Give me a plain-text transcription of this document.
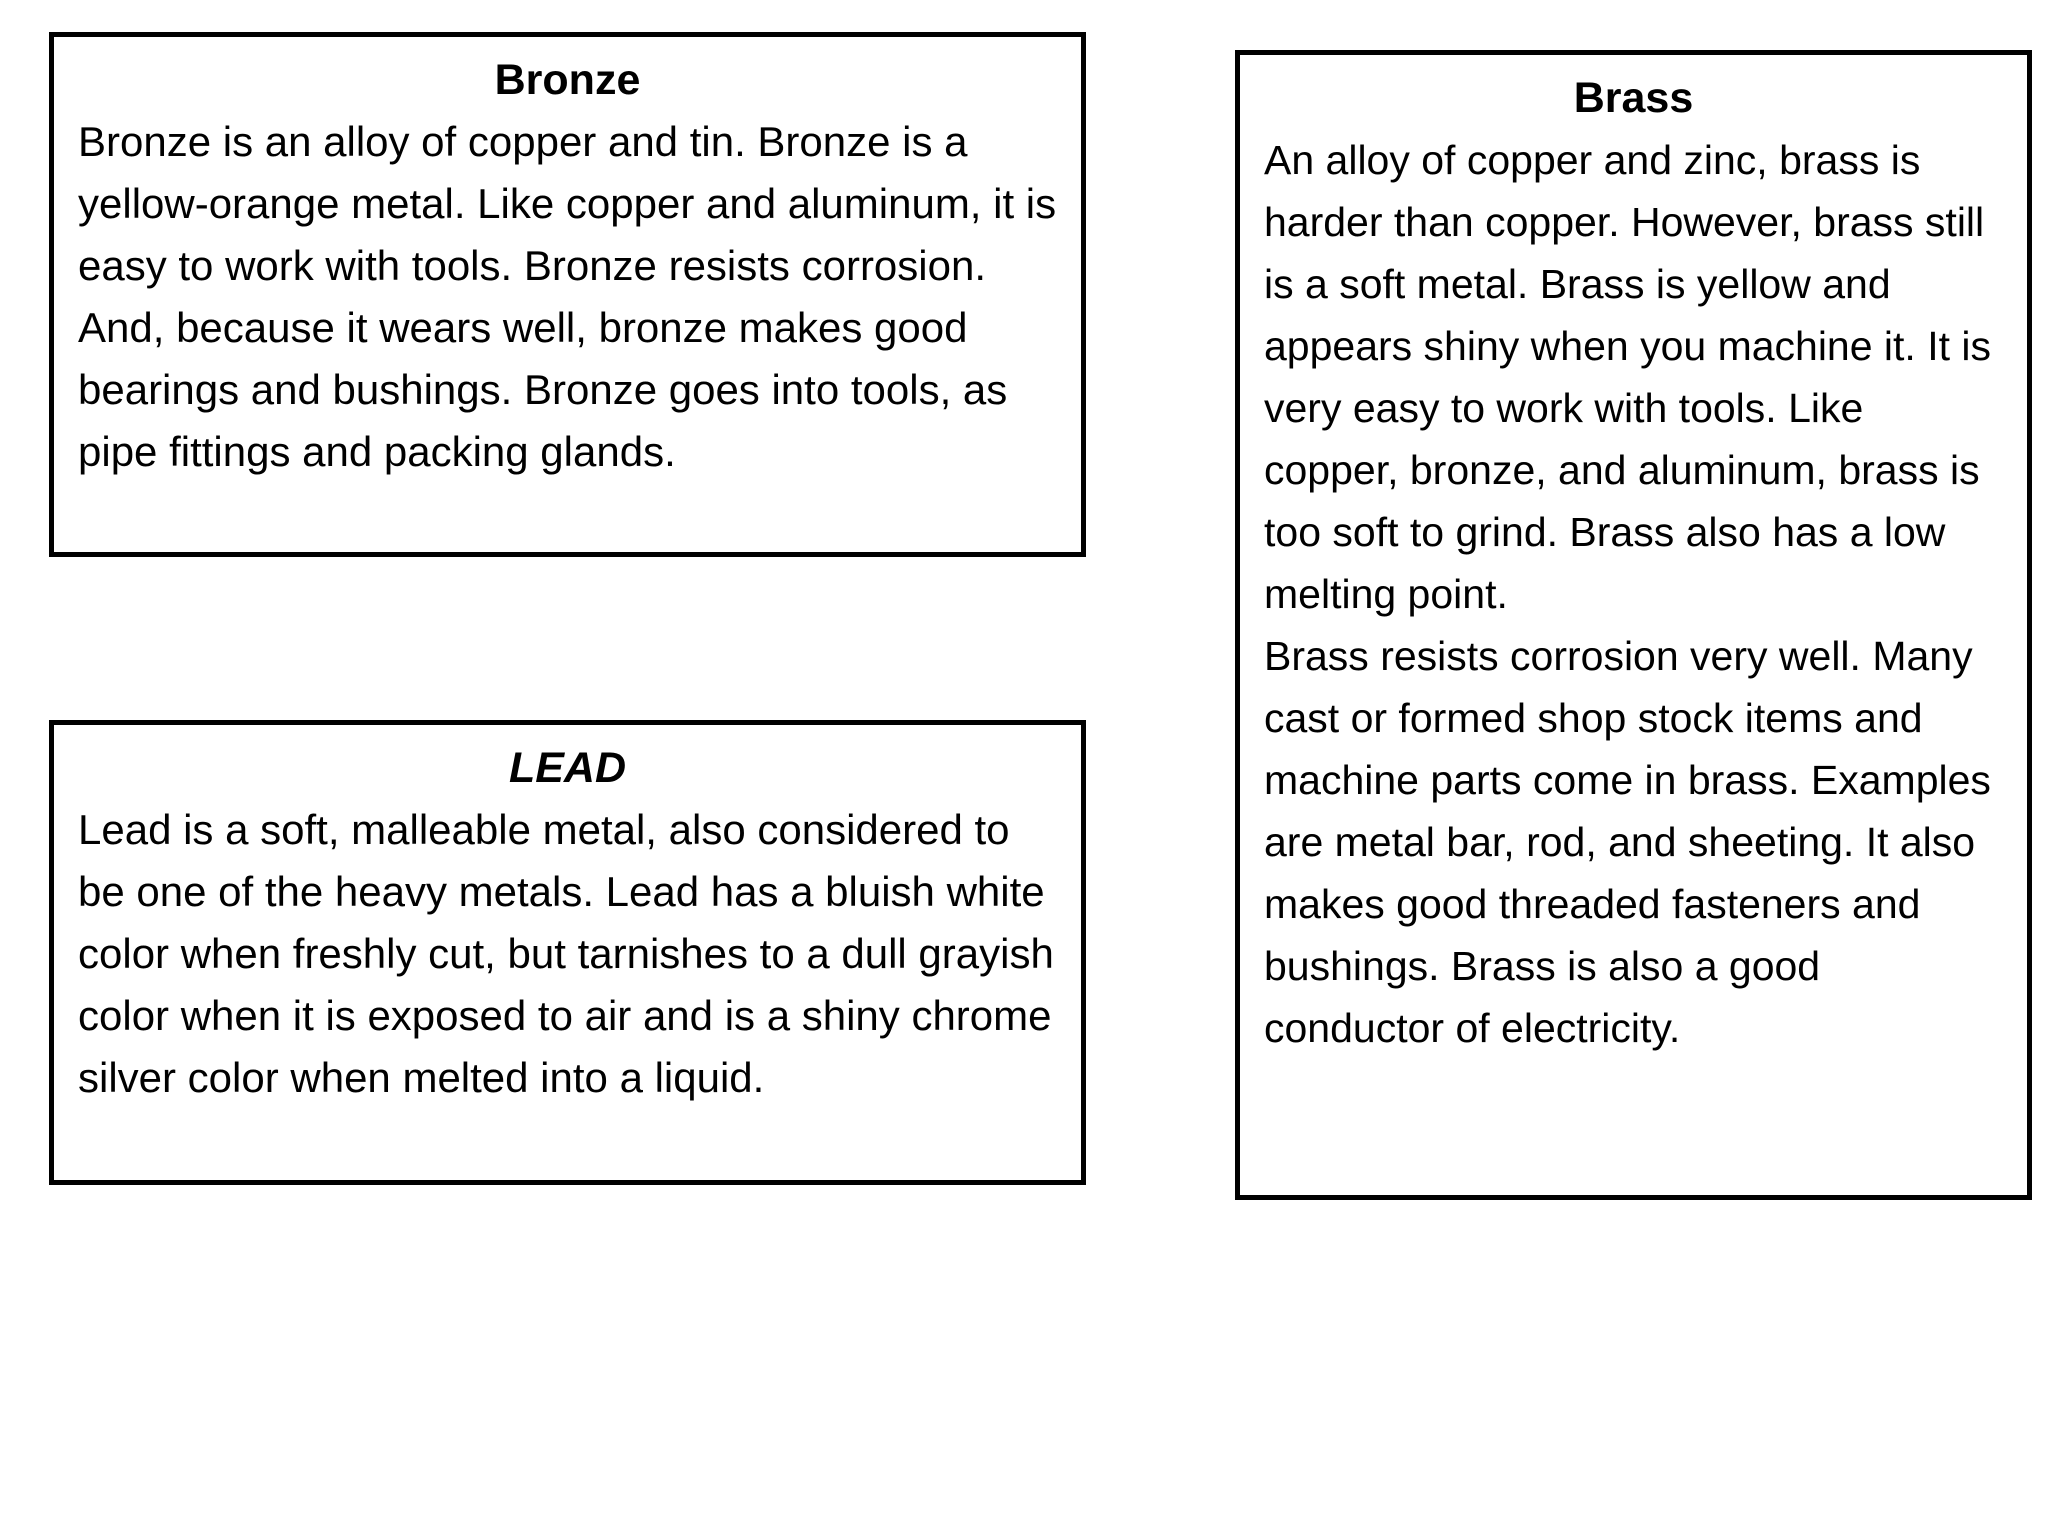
Bronze

Bronze is an alloy of copper and tin. Bronze is a yellow-orange metal. Like copper and aluminum, it is easy to work with tools. Bronze resists corrosion. And, because it wears well, bronze makes good bearings and bushings. Bronze goes into tools, as pipe fittings and packing glands.

LEAD

Lead is a soft, malleable metal, also considered to be one of the heavy metals. Lead has a bluish white color when freshly cut, but tarnishes to a dull grayish color when it is exposed to air and is a shiny chrome silver color when melted into a liquid.

Brass

An alloy of copper and zinc, brass is harder than copper. However, brass still is a soft metal. Brass is yellow and appears shiny when you machine it. It is very easy to work with tools. Like copper, bronze, and aluminum, brass is too soft to grind. Brass also has a low melting point.

Brass resists corrosion very well. Many cast or formed shop stock items and machine parts come in brass. Examples are metal bar, rod, and sheeting. It also makes good threaded fasteners and bushings. Brass is also a good conductor of electricity.
